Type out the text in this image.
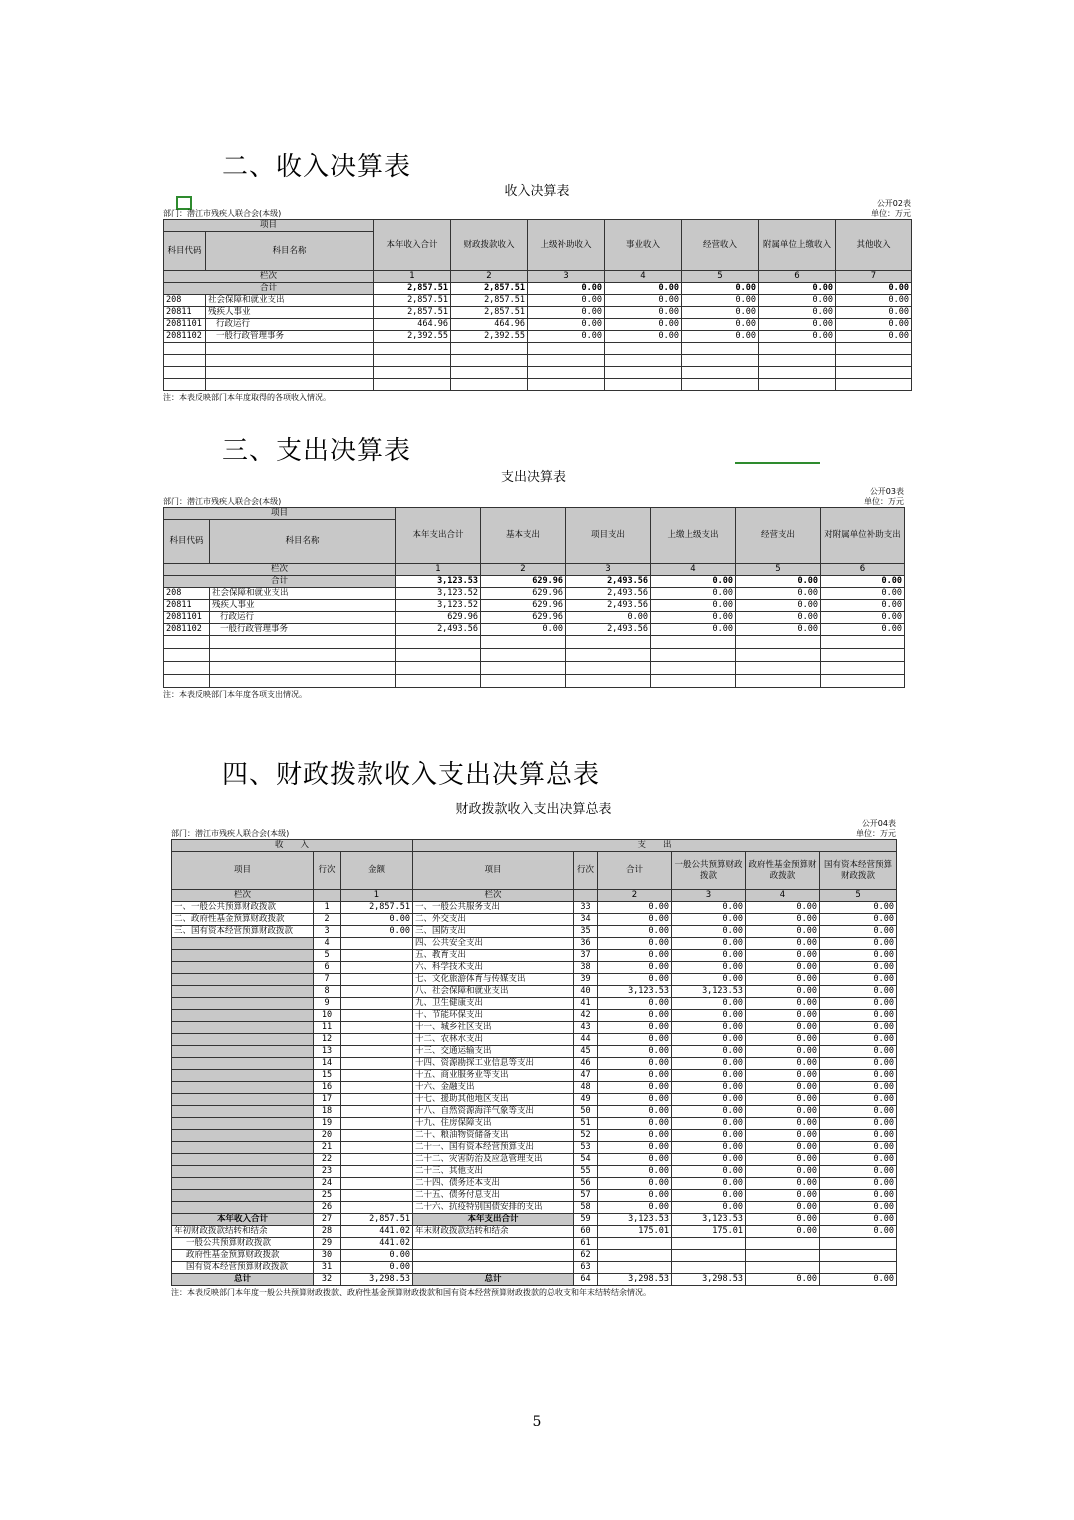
二、收入决算表
收入决算表
公开02表
单位：万元
部门：潜江市残疾人联合会(本级)
项目		本年收入合计	财政拨款收入	上级补助收入	事业收入	经营收入	附属单位上缴收入	其他收入
科目代码	科目名称							

栏次		1	2	3	4	5	6	7
合计		2,857.51	2,857.51	0.00	0.00	0.00	0.00	0.00
208	社会保障和就业支出	2,857.51	2,857.51	0.00	0.00	0.00	0.00	0.00
20811	残疾人事业	2,857.51	2,857.51	0.00	0.00	0.00	0.00	0.00
2081101	行政运行	464.96	464.96	0.00	0.00	0.00	0.00	0.00
2081102	一般行政管理事务	2,392.55	2,392.55	0.00	0.00	0.00	0.00	0.00

注：本表反映部门本年度取得的各项收入情况。
三、支出决算表
支出决算表
公开03表
单位：万元
部门：潜江市残疾人联合会(本级)
项目		本年支出合计	基本支出	项目支出	上缴上级支出	经营支出	对附属单位补助支出
科目代码	科目名称						

栏次		1	2	3	4	5	6
合计		3,123.53	629.96	2,493.56	0.00	0.00	0.00
208	社会保障和就业支出	3,123.52	629.96	2,493.56	0.00	0.00	0.00
20811	残疾人事业	3,123.52	629.96	2,493.56	0.00	0.00	0.00
2081101	行政运行	629.96	629.96	0.00	0.00	0.00	0.00
2081102	一般行政管理事务	2,493.56	0.00	2,493.56	0.00	0.00	0.00

注：本表反映部门本年度各项支出情况。
四、财政拨款收入支出决算总表
财政拨款收入支出决算总表
公开04表
单位：万元
部门：潜江市残疾人联合会(本级)
收　　入			支　　出					
项目	行次	金额	项目	行次	合计	一般公共预算财政拨款	政府性基金预算财政拨款	国有资本经营预算财政拨款
栏次		1	栏次		2	3	4	5
一、一般公共预算财政拨款	1	2,857.51	一、一般公共服务支出	33	0.00	0.00	0.00	0.00
二、政府性基金预算财政拨款	2	0.00	二、外交支出	34	0.00	0.00	0.00	0.00
三、国有资本经营预算财政拨款	3	0.00	三、国防支出	35	0.00	0.00	0.00	0.00
	4		四、公共安全支出	36	0.00	0.00	0.00	0.00
	5		五、教育支出	37	0.00	0.00	0.00	0.00
	6		六、科学技术支出	38	0.00	0.00	0.00	0.00
	7		七、文化旅游体育与传媒支出	39	0.00	0.00	0.00	0.00
	8		八、社会保障和就业支出	40	3,123.53	3,123.53	0.00	0.00
	9		九、卫生健康支出	41	0.00	0.00	0.00	0.00
	10		十、节能环保支出	42	0.00	0.00	0.00	0.00
	11		十一、城乡社区支出	43	0.00	0.00	0.00	0.00
	12		十二、农林水支出	44	0.00	0.00	0.00	0.00
	13		十三、交通运输支出	45	0.00	0.00	0.00	0.00
	14		十四、资源勘探工业信息等支出	46	0.00	0.00	0.00	0.00
	15		十五、商业服务业等支出	47	0.00	0.00	0.00	0.00
	16		十六、金融支出	48	0.00	0.00	0.00	0.00
	17		十七、援助其他地区支出	49	0.00	0.00	0.00	0.00
	18		十八、自然资源海洋气象等支出	50	0.00	0.00	0.00	0.00
	19		十九、住房保障支出	51	0.00	0.00	0.00	0.00
	20		二十、粮油物资储备支出	52	0.00	0.00	0.00	0.00
	21		二十一、国有资本经营预算支出	53	0.00	0.00	0.00	0.00
	22		二十二、灾害防治及应急管理支出	54	0.00	0.00	0.00	0.00
	23		二十三、其他支出	55	0.00	0.00	0.00	0.00
	24		二十四、债务还本支出	56	0.00	0.00	0.00	0.00
	25		二十五、债务付息支出	57	0.00	0.00	0.00	0.00
	26		二十六、抗疫特别国债安排的支出	58	0.00	0.00	0.00	0.00
本年收入合计	27	2,857.51	本年支出合计	59	3,123.53	3,123.53	0.00	0.00
年初财政拨款结转和结余	28	441.02	年末财政拨款结转和结余	60	175.01	175.01	0.00	0.00
一般公共预算财政拨款	29	441.02		61				
政府性基金预算财政拨款	30	0.00		62				
国有资本经营预算财政拨款	31	0.00		63				
总计	32	3,298.53	总计	64	3,298.53	3,298.53	0.00	0.00
注：本表反映部门本年度一般公共预算财政拨款、政府性基金预算财政拨款和国有资本经营预算财政拨款的总收支和年末结转结余情况。
5
